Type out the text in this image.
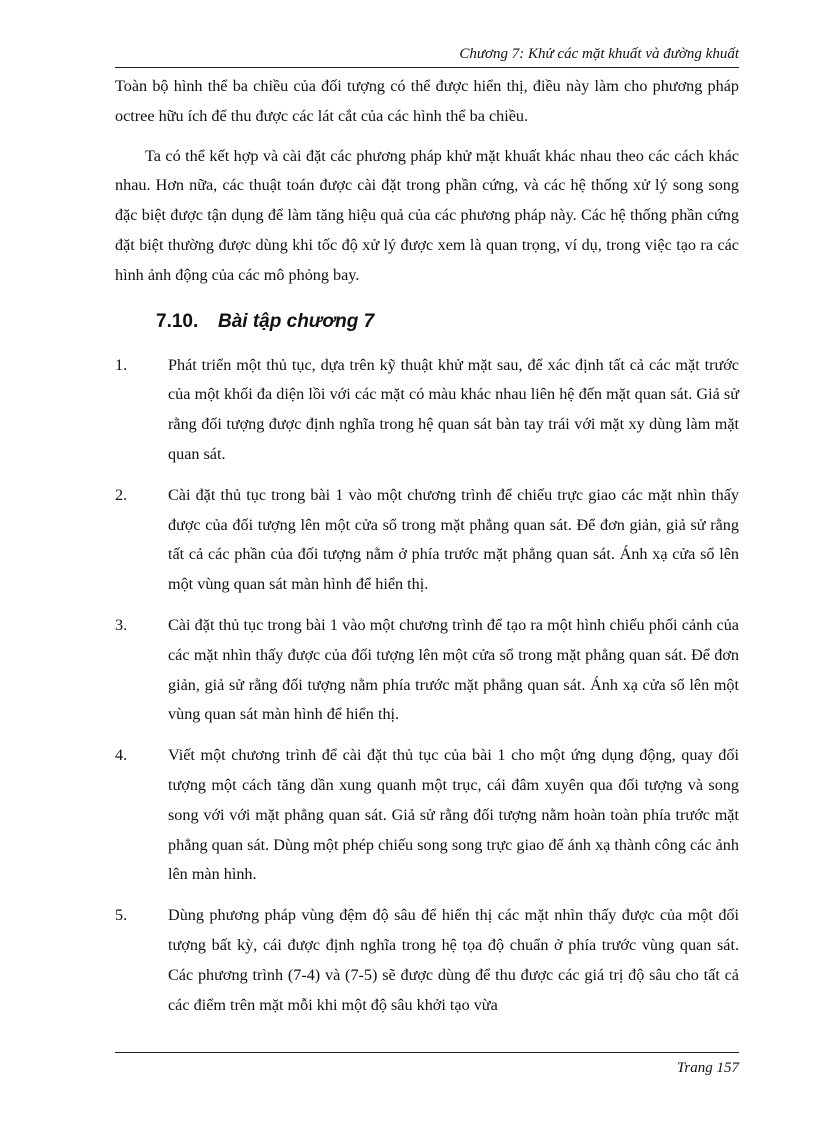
Chương 7: Khử các mặt khuất và đường khuất

Toàn bộ hình thể ba chiều của đối tượng có thể được hiển thị, điều này làm cho phương pháp octree hữu ích để thu được các lát cắt của các hình thể ba chiều.

Ta có thể kết hợp và cài đặt các phương pháp khử mặt khuất khác nhau theo các cách khác nhau. Hơn nữa, các thuật toán được cài đặt trong phần cứng, và các hệ thống xử lý song song đặc biệt được tận dụng để làm tăng hiệu quả của các phương pháp này. Các hệ thống phần cứng đặt biệt thường được dùng khi tốc độ xử lý được xem là quan trọng, ví dụ, trong việc tạo ra các hình ảnh động của các mô phỏng bay.

7.10. Bài tập chương 7
1.	Phát triển một thủ tục, dựa trên kỹ thuật khử mặt sau, để xác định tất cả các mặt trước của một khối đa diện lồi với các mặt có màu khác nhau liên hệ đến mặt quan sát. Giả sử rằng đối tượng được định nghĩa trong hệ quan sát bàn tay trái với mặt xy dùng làm mặt quan sát.

2.	Cài đặt thủ tục trong bài 1 vào một chương trình để chiếu trực giao các mặt nhìn thấy được của đối tượng lên một cửa sổ trong mặt phẳng quan sát. Để đơn giản, giả sử rằng tất cả các phần của đối tượng nằm ở phía trước mặt phẳng quan sát. Ánh xạ cửa sổ lên một vùng quan sát màn hình để hiển thị.

3.	Cài đặt thủ tục trong bài 1 vào một chương trình để tạo ra một hình chiếu phối cảnh của các mặt nhìn thấy được của đối tượng lên một cửa sổ trong mặt phẳng quan sát. Để đơn giản, giả sử rằng đối tượng nằm phía trước mặt phẳng quan sát. Ánh xạ cửa sổ lên một vùng quan sát màn hình để hiển thị.

4.	Viết một chương trình để cài đặt thủ tục của bài 1 cho một ứng dụng động, quay đối tượng một cách tăng dần xung quanh một trục, cái đâm xuyên qua đối tượng và song song với với mặt phẳng quan sát. Giả sử rằng đối tượng nằm hoàn toàn phía trước mặt phẳng quan sát. Dùng một phép chiếu song song trực giao để ánh xạ thành công các ảnh lên màn hình.

5.	Dùng phương pháp vùng đệm độ sâu để hiển thị các mặt nhìn thấy được của một đối tượng bất kỳ, cái được định nghĩa trong hệ tọa độ chuẩn ở phía trước vùng quan sát. Các phương trình (7-4) và (7-5) sẽ được dùng để thu được các giá trị độ sâu cho tất cả các điểm trên mặt mỗi khi một độ sâu khởi tạo vừa

Trang 157
